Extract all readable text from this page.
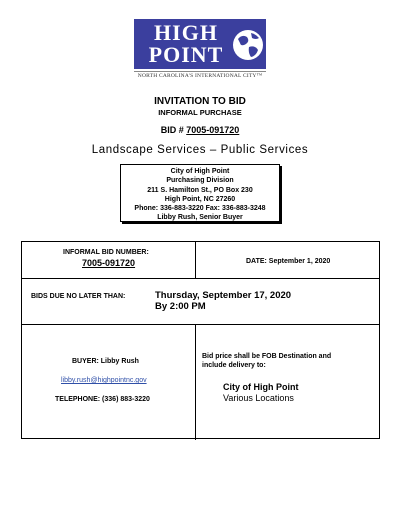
HIGH
POINT
NORTH CAROLINA'S INTERNATIONAL CITY™
INVITATION TO BID
INFORMAL PURCHASE
BID # 7005-091720
Landscape Services – Public Services
City of High Point
Purchasing Division
211 S. Hamilton St., PO Box 230
High Point, NC 27260
Phone: 336-883-3220 Fax: 336-883-3248
Libby Rush, Senior Buyer
INFORMAL BID NUMBER:
7005-091720	DATE: September 1, 2020
BIDS DUE NO LATER THAN:	Thursday, September 17, 2020
By 2:00 PM
BUYER: Libby Rush
libby.rush@highpointnc.gov
TELEPHONE: (336) 883-3220
Bid price shall be FOB Destination and
include delivery to:
City of High Point
Various Locations
